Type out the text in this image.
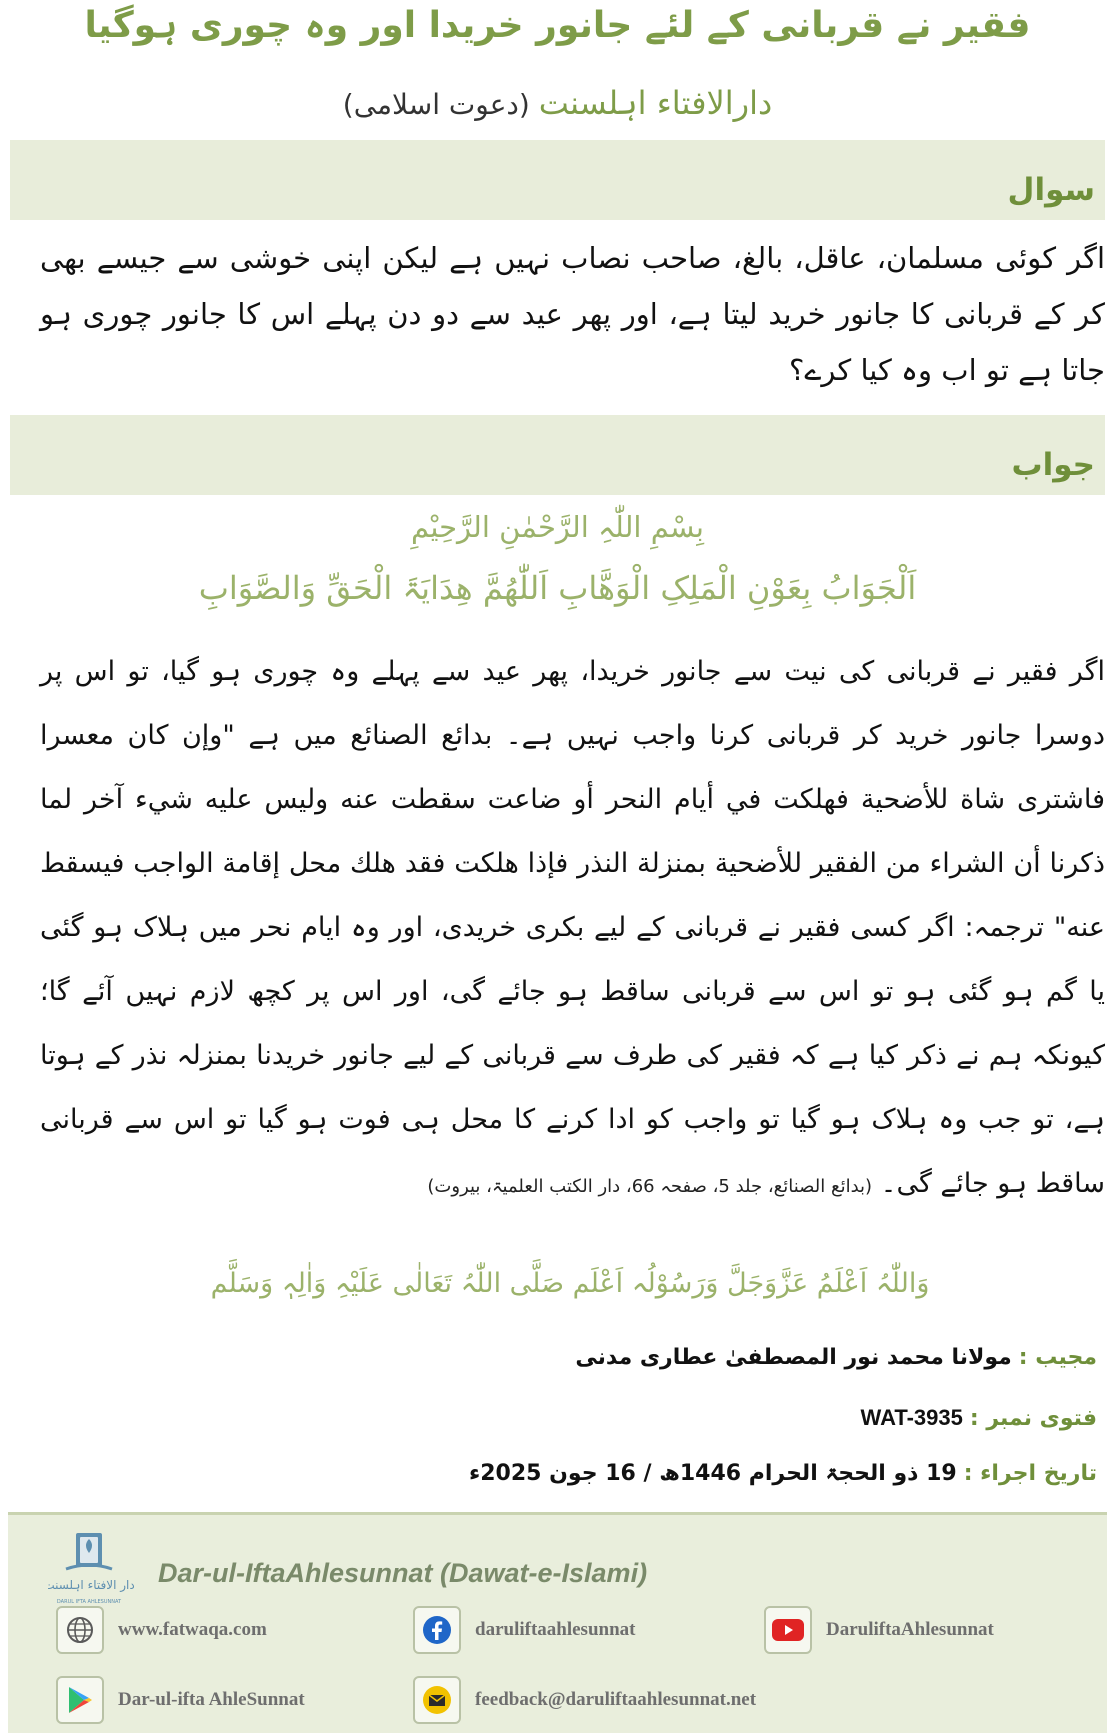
فقیر نے قربانی کے لئے جانور خریدا اور وہ چوری ہوگیا
دارالافتاء اہلسنت (دعوت اسلامی)
سوال
اگر کوئی مسلمان، عاقل، بالغ، صاحب نصاب نہیں ہے لیکن اپنی خوشی سے جیسے بھی کر کے قربانی کا جانور خرید لیتا ہے، اور پھر عید سے دو دن پہلے اس کا جانور چوری ہو جاتا ہے تو اب وہ کیا کرے؟
جواب
بِسْمِ اللّٰہِ الرَّحْمٰنِ الرَّحِیْمِ
اَلْجَوَابُ بِعَوْنِ الْمَلِکِ الْوَھَّابِ اَللّٰھُمَّ ھِدَایَۃَ الْحَقِّ وَالصَّوَابِ
اگر فقیر نے قربانی کی نیت سے جانور خریدا، پھر عید سے پہلے وہ چوری ہو گیا، تو اس پر دوسرا جانور خرید کر قربانی کرنا واجب نہیں ہے۔ بدائع الصنائع میں ہے "وإن كان معسرا فاشترى شاة للأضحية فهلكت في أيام النحر أو ضاعت سقطت عنه وليس عليه شيء آخر لما ذكرنا أن الشراء من الفقير للأضحية بمنزلة النذر فإذا هلكت فقد هلك محل إقامة الواجب فيسقط عنه" ترجمہ: اگر کسی فقیر نے قربانی کے لیے بکری خریدی، اور وہ ایام نحر میں ہلاک ہو گئی یا گم ہو گئی ہو تو اس سے قربانی ساقط ہو جائے گی، اور اس پر کچھ لازم نہیں آئے گا؛ کیونکہ ہم نے ذکر کیا ہے کہ فقیر کی طرف سے قربانی کے لیے جانور خریدنا بمنزلہ نذر کے ہوتا ہے، تو جب وہ ہلاک ہو گیا تو واجب کو ادا کرنے کا محل ہی فوت ہو گیا تو اس سے قربانی ساقط ہو جائے گی۔ (بدائع الصنائع، جلد 5، صفحہ 66، دار الکتب العلمیۃ، بیروت)
وَاللّٰہُ اَعْلَمُ عَزَّوَجَلَّ وَرَسُوْلُہ اَعْلَم صَلَّی اللّٰہُ تَعَالٰی عَلَیْہِ وَاٰلِہٖ وَسَلَّم
مجیب : مولانا محمد نور المصطفیٰ عطاری مدنی
فتوی نمبر : WAT-3935
تاریخ اجراء : 19 ذو الحجۃ الحرام 1446ھ / 16 جون 2025ء
دار الافتاء اہلسنت
DARUL IFTA AHLESUNNAT
Dar-ul-IftaAhlesunnat (Dawat-e-Islami)
www.fatwaqa.com	daruliftaahlesunnat	DaruliftaAhlesunnat
Dar-ul-ifta AhleSunnat	feedback@daruliftaahlesunnat.net
